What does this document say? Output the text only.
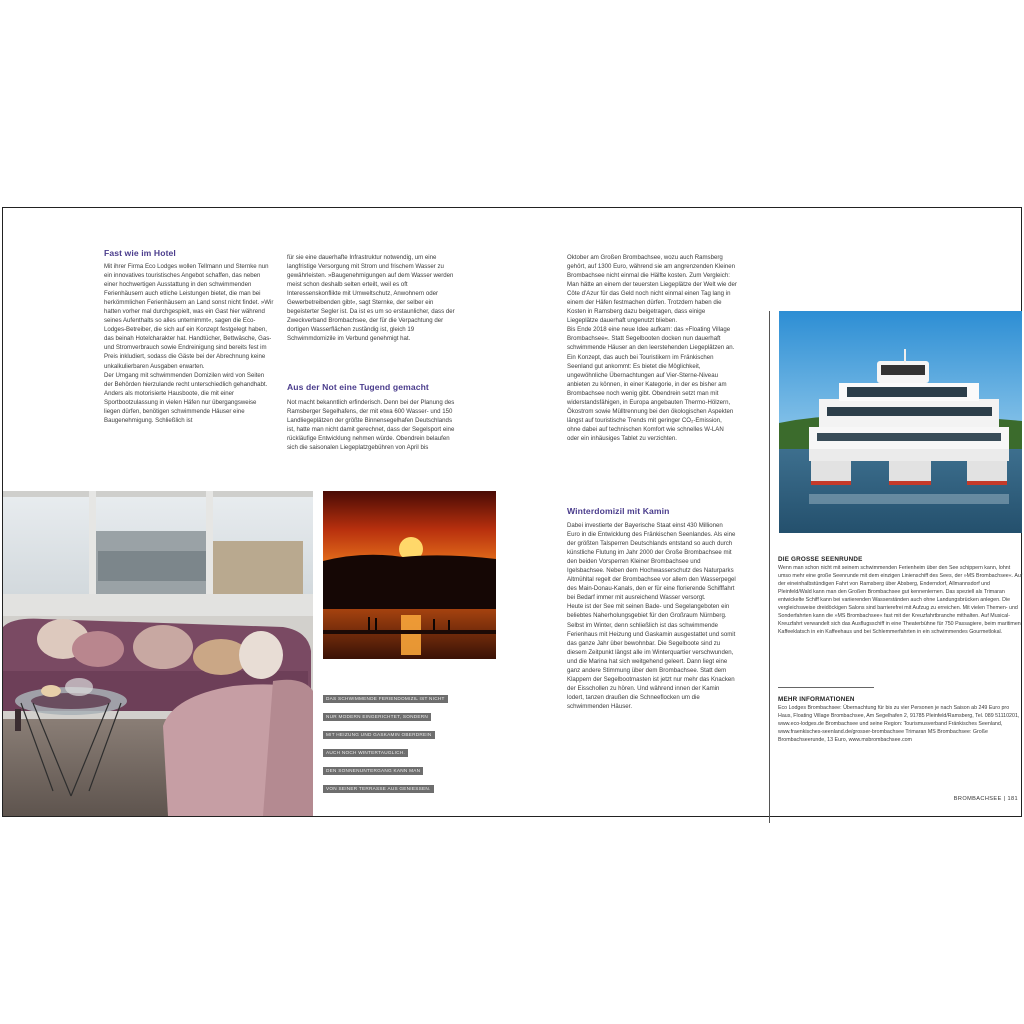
Fast wie im Hotel

Mit ihrer Firma Eco Lodges wollen Tellmann und Sternke nun ein innovatives touristisches Angebot schaffen, das neben einer hochwertigen Ausstattung in den schwimmenden Ferienhäusern auch etliche Leistungen bietet, die man bei herkömmlichen Ferienhäusern an Land sonst nicht findet. »Wir hatten vorher mal durchgespielt, was ein Gast hier während seines Aufenthalts so alles unternimmt«, sagen die Eco-Lodges-Betreiber, die sich auf ein Konzept festgelegt haben, das beinah Hotelcharakter hat. Handtücher, Bettwäsche, Gas- und Stromverbrauch sowie Endreinigung sind bereits fest im Preis inkludiert, sodass die Gäste bei der Abrechnung keine unkalkulierbaren Ausgaben erwarten.

Der Umgang mit schwimmenden Domizilen wird von Seiten der Behörden hierzulande recht unterschiedlich gehandhabt. Anders als motorisierte Hausboote, die mit einer Sportbootzulassung in vielen Häfen nur übergangsweise liegen dürfen, benötigen schwimmende Häuser eine Baugenehmigung. Schließlich ist

für sie eine dauerhafte Infrastruktur notwendig, um eine langfristige Versorgung mit Strom und frischem Wasser zu gewährleisten. »Baugenehmigungen auf dem Wasser werden meist schon deshalb selten erteilt, weil es oft Interessenskonflikte mit Umweltschutz, Anwohnern oder Gewerbetreibenden gibt«, sagt Sternke, der selber ein begeisterter Segler ist. Da ist es um so erstaunlicher, dass der Zweckverband Brombachsee, der für die Verpachtung der dortigen Wasserflächen zuständig ist, gleich 19 Schwimmdomizile im Verbund genehmigt hat.

Aus der Not eine Tugend gemacht

Not macht bekanntlich erfinderisch. Denn bei der Planung des Ramsberger Segelhafens, der mit etwa 600 Wasser- und 150 Landliegeplätzen der größte Binnensegelhafen Deutschlands ist, hatte man nicht damit gerechnet, dass der Segelsport eine rückläufige Entwicklung nehmen würde. Obendrein belaufen sich die saisonalen Liegeplatzgebühren von April bis

DAS SCHWIMMENDE FERIENDOMIZIL IST NICHT
NUR MODERN EINGERICHTET, SONDERN
MIT HEIZUNG UND GASKAMIN OBERDREIN
AUCH NOCH WINTERTAUGLICH.
DEN SONNENUNTERGANG KANN MAN
VON SEINER TERRASSE AUS GENIESSEN.

Oktober am Großen Brombachsee, wozu auch Ramsberg gehört, auf 1300 Euro, während sie am angrenzenden Kleinen Brombachsee nicht einmal die Hälfte kosten. Zum Vergleich: Man hätte an einem der teuersten Liegeplätze der Welt wie der Côte d’Azur für das Geld noch nicht einmal einen Tag lang in einem der Häfen festmachen dürfen. Trotzdem haben die Kosten in Ramsberg dazu beigetragen, dass einige Liegeplätze dauerhaft ungenutzt blieben.

Bis Ende 2018 eine neue Idee aufkam: das »Floating Village Brombachsee«. Statt Segelbooten docken nun dauerhaft schwimmende Häuser an den leerstehenden Liegeplätzen an. Ein Konzept, das auch bei Touristikern im Fränkischen Seenland gut ankommt: Es bietet die Möglichkeit, ungewöhnliche Übernachtungen auf Vier-Sterne-Niveau anbieten zu können, in einer Kategorie, in der es bisher am Brombachsee noch wenig gibt. Obendrein setzt man mit widerstandsfähigen, in Europa angebauten Thermo-Hölzern, Ökostrom sowie Mülltrennung bei den ökologischen Aspekten längst auf touristische Trends mit geringer CO₂-Emission, ohne dabei auf technischen Komfort wie schnelles W-LAN oder ein inhäusiges Tablet zu verzichten.

Winterdomizil mit Kamin

Dabei investierte der Bayerische Staat einst 430 Millionen Euro in die Entwicklung des Fränkischen Seenlandes. Als eine der größten Talsperren Deutschlands entstand so auch durch künstliche Flutung im Jahr 2000 der Große Brombachsee mit den beiden Vorsperren Kleiner Brombachsee und Igelsbachsee. Neben dem Hochwasserschutz des Naturparks Altmühltal regelt der Brombachsee vor allem den Wasserpegel des Main-Donau-Kanals, den er für eine florierende Schifffahrt bei Bedarf immer mit ausreichend Wasser versorgt.

Heute ist der See mit seinen Bade- und Segelangeboten ein beliebtes Naherholungsgebiet für den Großraum Nürnberg. Selbst im Winter, denn schließlich ist das schwimmende Ferienhaus mit Heizung und Gaskamin ausgestattet und somit das ganze Jahr über bewohnbar. Die Segelboote sind zu diesem Zeitpunkt längst alle im Winterquartier verschwunden, und die Marina hat sich weitgehend geleert. Dann liegt eine ganz andere Stimmung über dem Brombachsee. Statt dem Klappern der Segelbootmasten ist jetzt nur mehr das Knacken der Eisschollen zu hören. Und während innen der Kamin lodert, tanzen draußen die Schneeflocken um die schwimmenden Häuser.

DIE GROSSE SEENRUNDE
Wenn man schon nicht mit seinem schwimmenden Ferienheim über den See schippern kann, lohnt umso mehr eine große Seenrunde mit dem einzigen Linienschiff des Sees, der »MS Brombachsee«. Auf der eineinhalbstündigen Fahrt von Ramsberg über Absberg, Enderndorf, Allmannsdorf und Pleinfeld/Wald kann man den Großen Brombachsee gut kennenlernen. Das speziell als Trimaran entwickelte Schiff kann bei variierenden Wasserständen auch ohne Landungsbrücken anlegen. Die vergleichsweise dreidöckigen Salons sind barrierefrei mit Aufzug zu erreichen. Mit vielen Themen- und Sonderfahrten kann die »MS Brombachsee« fast mit der Kreuzfahrtbranche mithalten. Auf Musical-Kreuzfahrt verwandelt sich das Ausflugsschiff in eine Theaterbühne für 750 Passagiere, beim maritimen Kaffeeklatsch in ein Kaffeehaus und bei Schlemmerfahrten in ein schwimmendes Gourmetlokal.
MEHR INFORMATIONEN
Eco Lodges Brombachsee: Übernachtung für bis zu vier Personen je nach Saison ab 249 Euro pro Haus, Floating Village Brombachsee, Am Segelhafen 2, 91785 Pleinfeld/Ramsberg, Tel. 089 51110201, www.eco-lodges.de Brombachsee und seine Region: Tourismusverband Fränkisches Seenland, www.fraenkisches-seenland.de/grosser-brombachsee Trimaran MS Brombachsee: Große Brombachseerunde, 13 Euro, www.msbrombachsee.com
BROMBACHSEE | 181
